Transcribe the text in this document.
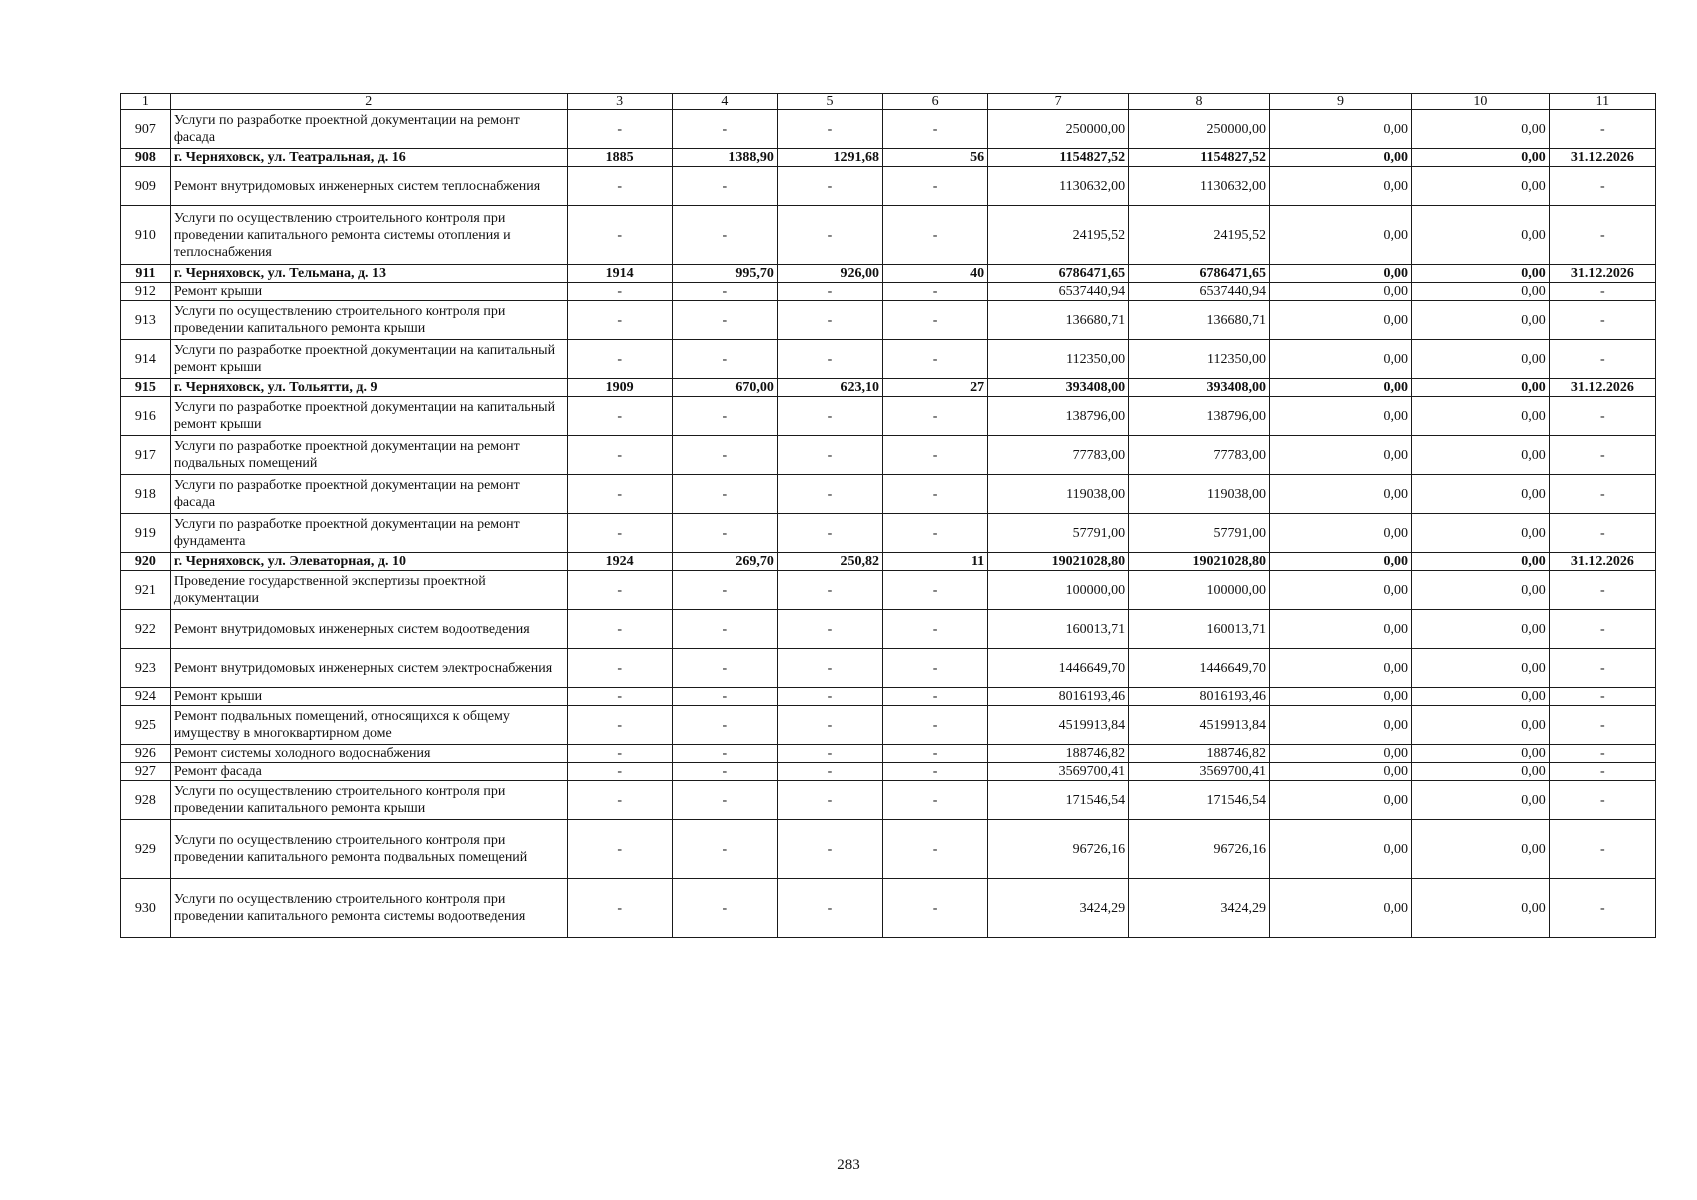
1	2	3	4	5	6	7	8	9	10	11
907	Услуги по разработке проектной документации на ремонт фасада	-	-	-	-	250000,00	250000,00	0,00	0,00	-
908	г. Черняховск, ул. Театральная, д. 16	1885	1388,90	1291,68	56	1154827,52	1154827,52	0,00	0,00	31.12.2026
909	Ремонт внутридомовых инженерных систем теплоснабжения	-	-	-	-	1130632,00	1130632,00	0,00	0,00	-
910	Услуги по осуществлению строительного контроля при проведении капитального ремонта системы отопления и теплоснабжения	-	-	-	-	24195,52	24195,52	0,00	0,00	-
911	г. Черняховск, ул. Тельмана, д. 13	1914	995,70	926,00	40	6786471,65	6786471,65	0,00	0,00	31.12.2026
912	Ремонт крыши	-	-	-	-	6537440,94	6537440,94	0,00	0,00	-
913	Услуги по осуществлению строительного контроля при проведении капитального ремонта крыши	-	-	-	-	136680,71	136680,71	0,00	0,00	-
914	Услуги по разработке проектной документации на капитальный ремонт крыши	-	-	-	-	112350,00	112350,00	0,00	0,00	-
915	г. Черняховск, ул. Тольятти, д. 9	1909	670,00	623,10	27	393408,00	393408,00	0,00	0,00	31.12.2026
916	Услуги по разработке проектной документации на капитальный ремонт крыши	-	-	-	-	138796,00	138796,00	0,00	0,00	-
917	Услуги по разработке проектной документации на ремонт подвальных помещений	-	-	-	-	77783,00	77783,00	0,00	0,00	-
918	Услуги по разработке проектной документации на ремонт фасада	-	-	-	-	119038,00	119038,00	0,00	0,00	-
919	Услуги по разработке проектной документации на ремонт фундамента	-	-	-	-	57791,00	57791,00	0,00	0,00	-
920	г. Черняховск, ул. Элеваторная, д. 10	1924	269,70	250,82	11	19021028,80	19021028,80	0,00	0,00	31.12.2026
921	Проведение государственной экспертизы проектной документации	-	-	-	-	100000,00	100000,00	0,00	0,00	-
922	Ремонт внутридомовых инженерных систем водоотведения	-	-	-	-	160013,71	160013,71	0,00	0,00	-
923	Ремонт внутридомовых инженерных систем электроснабжения	-	-	-	-	1446649,70	1446649,70	0,00	0,00	-
924	Ремонт крыши	-	-	-	-	8016193,46	8016193,46	0,00	0,00	-
925	Ремонт подвальных помещений, относящихся к общему имуществу в многоквартирном доме	-	-	-	-	4519913,84	4519913,84	0,00	0,00	-
926	Ремонт системы холодного водоснабжения	-	-	-	-	188746,82	188746,82	0,00	0,00	-
927	Ремонт фасада	-	-	-	-	3569700,41	3569700,41	0,00	0,00	-
928	Услуги по осуществлению строительного контроля при проведении капитального ремонта крыши	-	-	-	-	171546,54	171546,54	0,00	0,00	-
929	Услуги по осуществлению строительного контроля при проведении капитального ремонта подвальных помещений	-	-	-	-	96726,16	96726,16	0,00	0,00	-
930	Услуги по осуществлению строительного контроля при проведении капитального ремонта системы водоотведения	-	-	-	-	3424,29	3424,29	0,00	0,00	-
283
